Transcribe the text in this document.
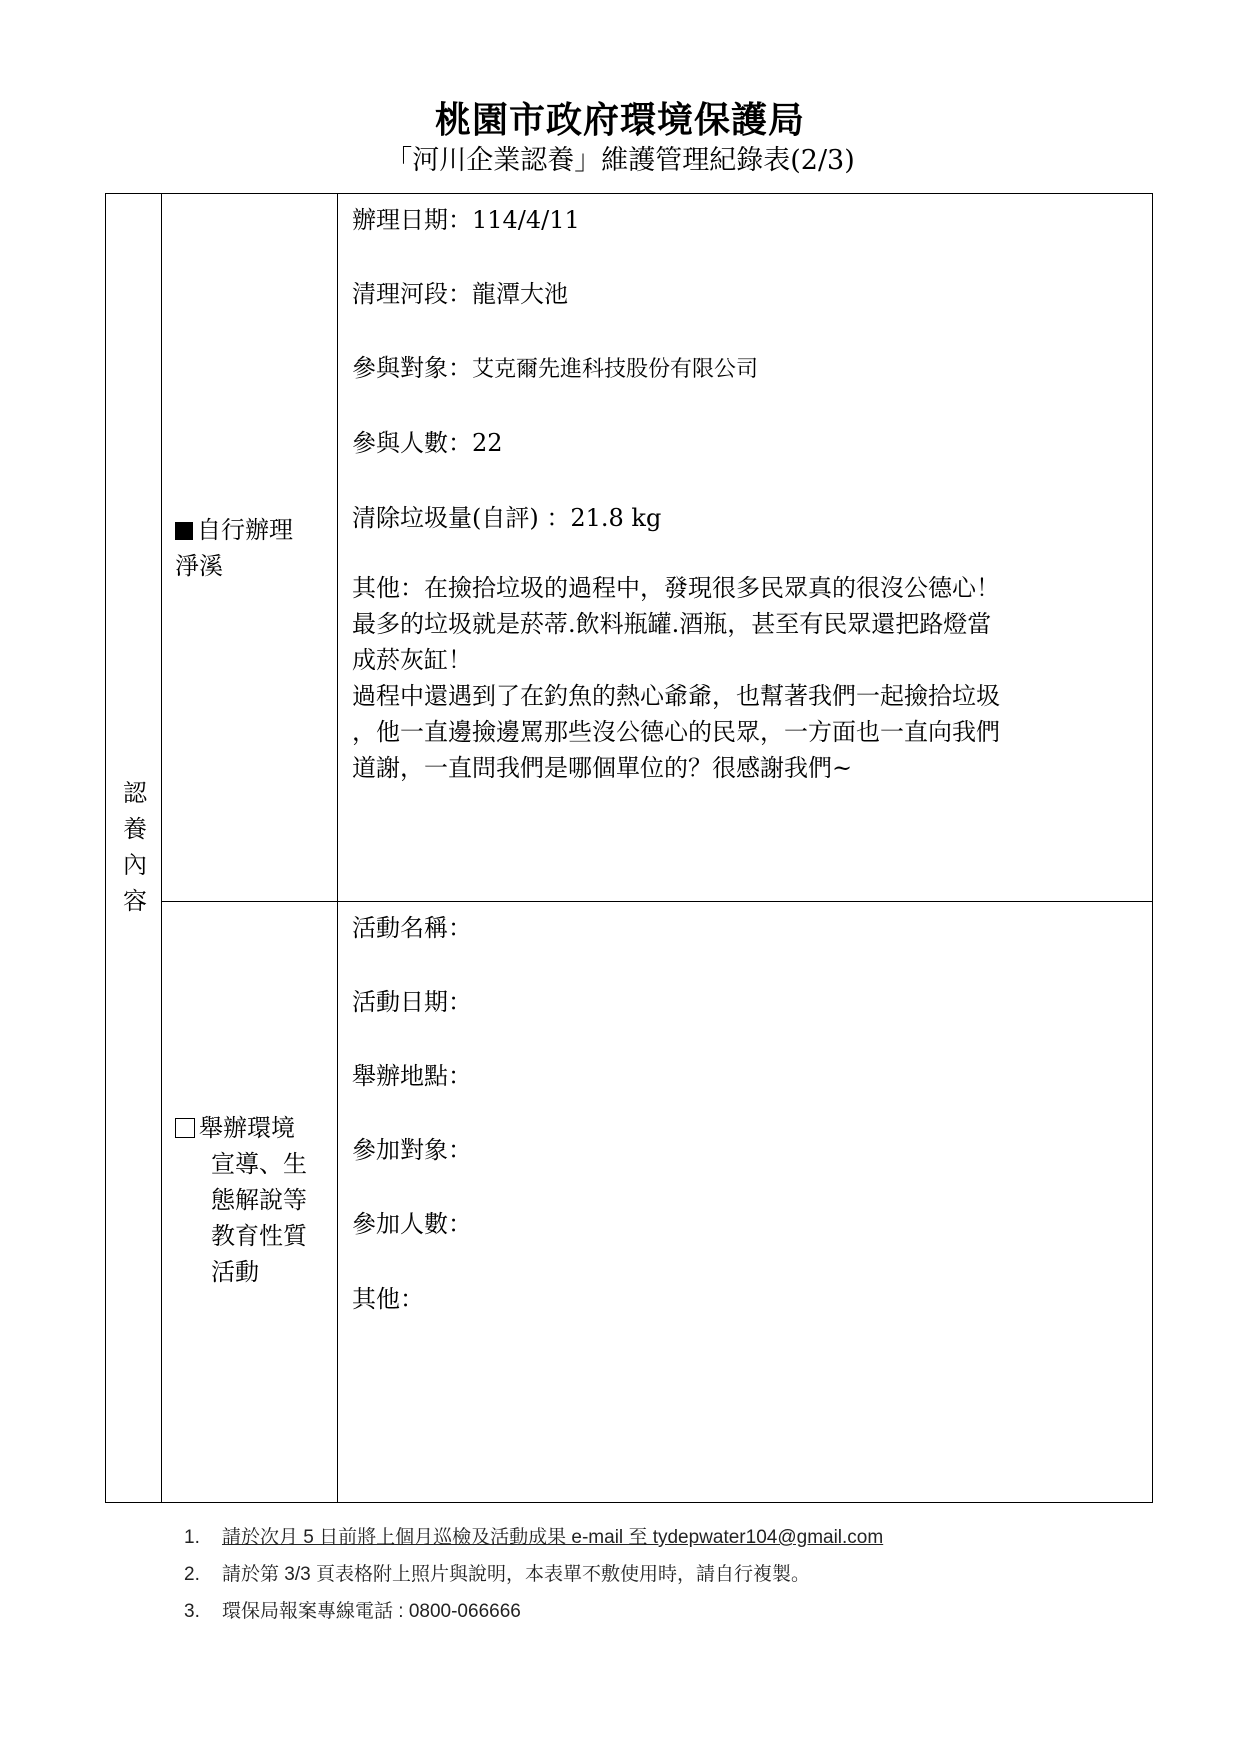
桃園市政府環境保護局
「河川企業認養」維護管理紀錄表(2/3)
認
養
內
容
自行辦理
淨溪
辦理日期：114/4/11
清理河段：龍潭大池
參與對象：艾克爾先進科技股份有限公司
參與人數：22
清除垃圾量(自評) ：21.8 kg
其他：在撿拾垃圾的過程中，發現很多民眾真的很沒公德心！
最多的垃圾就是菸蒂.飲料瓶罐.酒瓶，甚至有民眾還把路燈當
成菸灰缸！
過程中還遇到了在釣魚的熱心爺爺，也幫著我們一起撿拾垃圾
，他一直邊撿邊罵那些沒公德心的民眾，一方面也一直向我們
道謝，一直問我們是哪個單位的？很感謝我們~
舉辦環境
宣導、生
態解說等
教育性質
活動
活動名稱：
活動日期：
舉辦地點：
參加對象：
參加人數：
其他：
1. 請於次月 5 日前將上個月巡檢及活動成果 e-mail 至 tydepwater104@gmail.com
2. 請於第 3/3 頁表格附上照片與說明，本表單不敷使用時，請自行複製。
3. 環保局報案專線電話 : 0800-066666
